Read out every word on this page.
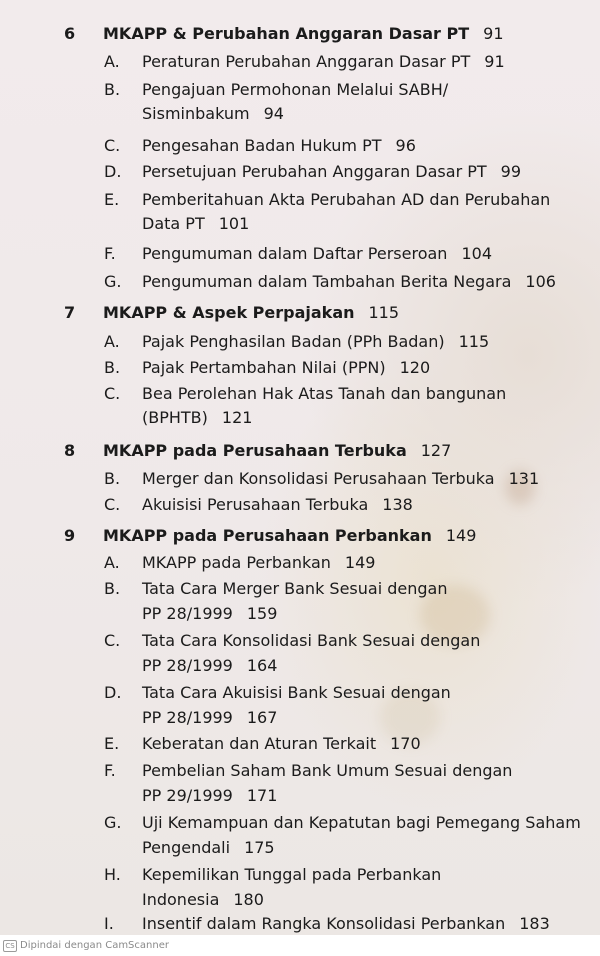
6 MKAPP & Perubahan Anggaran Dasar PT 91
A. Peraturan Perubahan Anggaran Dasar PT 91
B. Pengajuan Permohonan Melalui SABH/
Sisminbakum 94
C. Pengesahan Badan Hukum PT 96
D. Persetujuan Perubahan Anggaran Dasar PT 99
E. Pemberitahuan Akta Perubahan AD dan Perubahan
Data PT 101
F. Pengumuman dalam Daftar Perseroan 104
G. Pengumuman dalam Tambahan Berita Negara 106
7 MKAPP & Aspek Perpajakan 115
A. Pajak Penghasilan Badan (PPh Badan) 115
B. Pajak Pertambahan Nilai (PPN) 120
C. Bea Perolehan Hak Atas Tanah dan bangunan
(BPHTB) 121
8 MKAPP pada Perusahaan Terbuka 127
B. Merger dan Konsolidasi Perusahaan Terbuka 131
C. Akuisisi Perusahaan Terbuka 138
9 MKAPP pada Perusahaan Perbankan 149
A. MKAPP pada Perbankan 149
B. Tata Cara Merger Bank Sesuai dengan
PP 28/1999 159
C. Tata Cara Konsolidasi Bank Sesuai dengan
PP 28/1999 164
D. Tata Cara Akuisisi Bank Sesuai dengan
PP 28/1999 167
E. Keberatan dan Aturan Terkait 170
F. Pembelian Saham Bank Umum Sesuai dengan
PP 29/1999 171
G. Uji Kemampuan dan Kepatutan bagi Pemegang Saham
Pengendali 175
H. Kepemilikan Tunggal pada Perbankan
Indonesia 180
I. Insentif dalam Rangka Konsolidasi Perbankan 183
CS Dipindai dengan CamScanner
